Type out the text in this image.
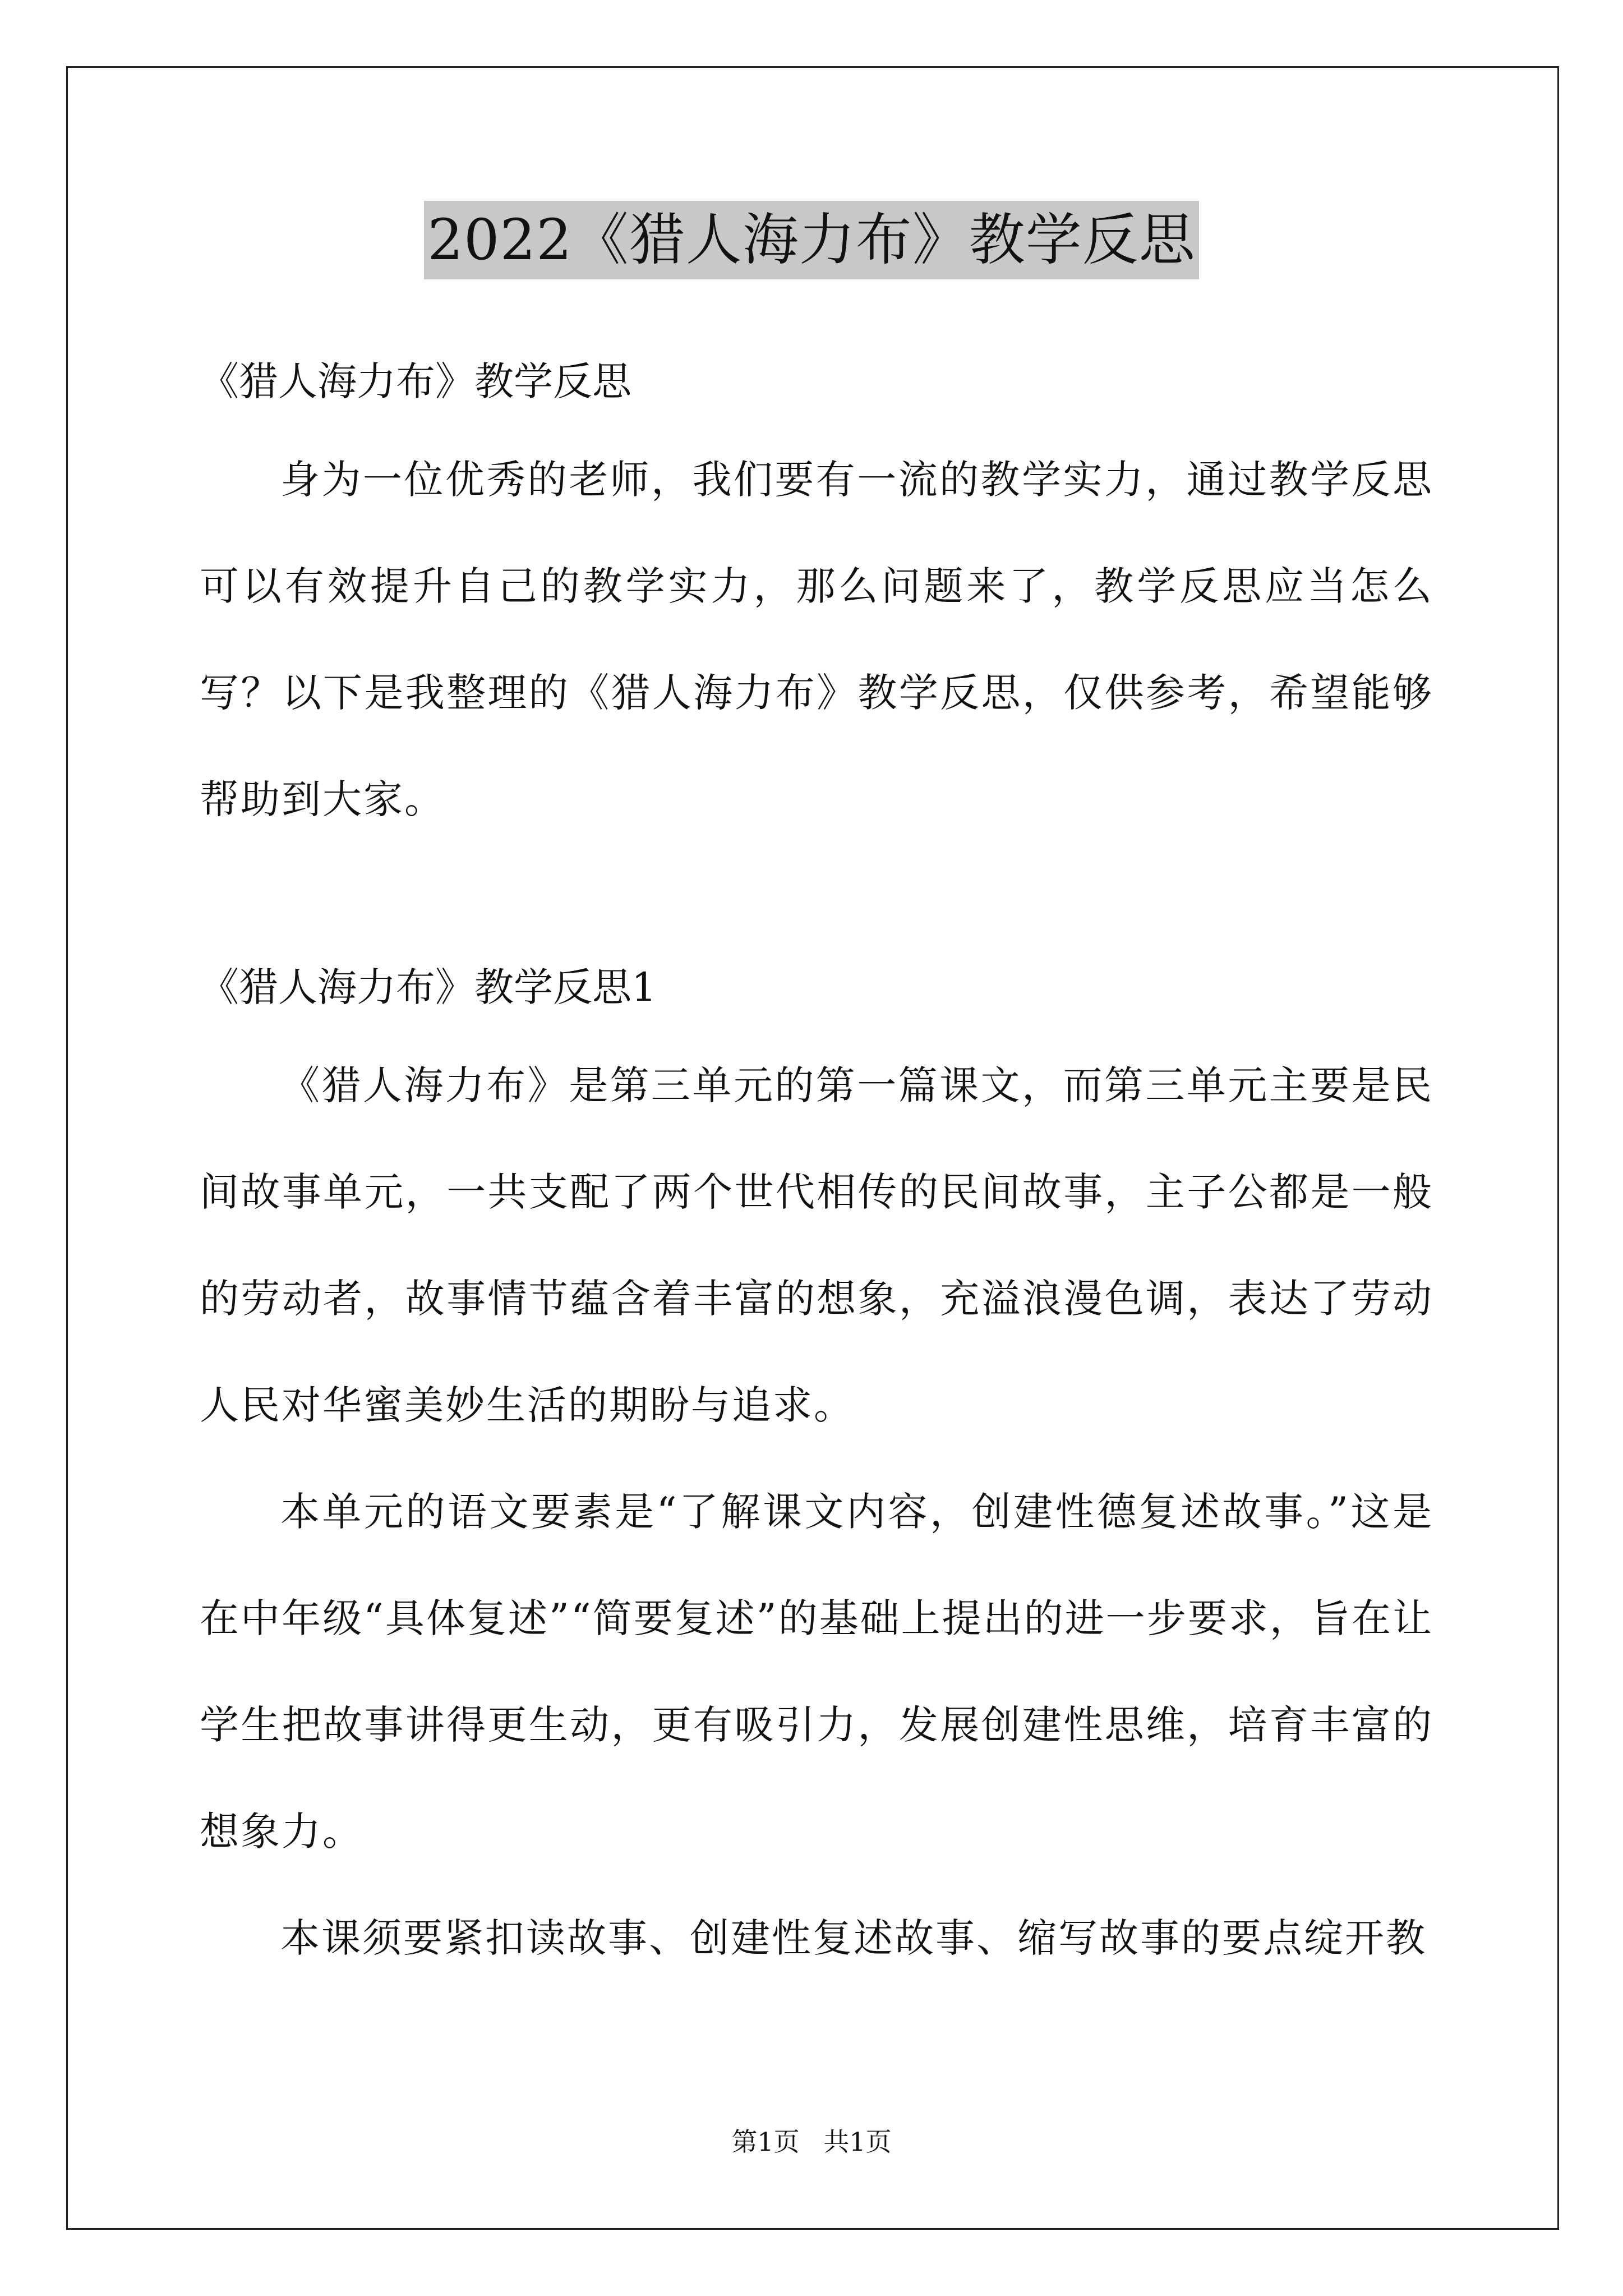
2022《猎人海力布》教学反思
《猎人海力布》教学反思

身为一位优秀的老师，我们要有一流的教学实力，通过教学反思可以有效提升自己的教学实力，那么问题来了，教学反思应当怎么写？以下是我整理的《猎人海力布》教学反思，仅供参考，希望能够帮助到大家。

《猎人海力布》教学反思1

《猎人海力布》是第三单元的第一篇课文，而第三单元主要是民间故事单元，一共支配了两个世代相传的民间故事，主子公都是一般的劳动者，故事情节蕴含着丰富的想象，充溢浪漫色调，表达了劳动人民对华蜜美妙生活的期盼与追求。

本单元的语文要素是“了解课文内容，创建性德复述故事。”这是在中年级“具体复述”“简要复述”的基础上提出的进一步要求，旨在让学生把故事讲得更生动，更有吸引力，发展创建性思维，培育丰富的想象力。

本课须要紧扣读故事、创建性复述故事、缩写故事的要点绽开教

第1页 共1页
